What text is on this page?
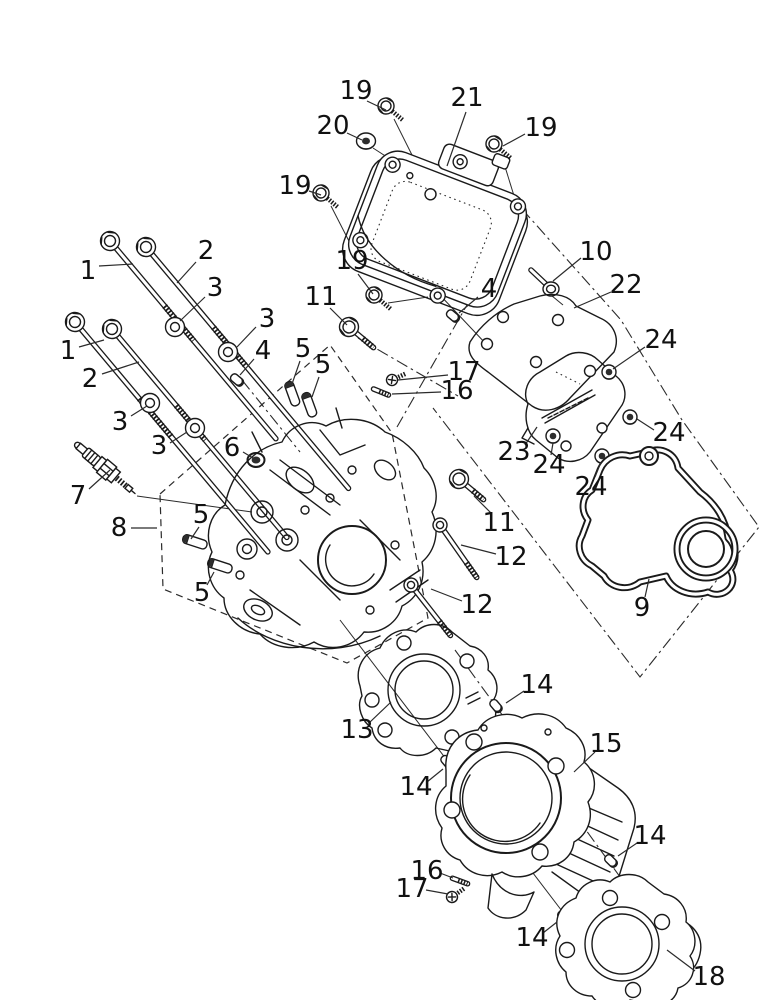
19	21
20	19
19
10
2	19
1	22
3	4
11
3
24
1	4 5
5	17
2	16
3	24
3 6	23 24
24
7
5	11
8
12
5	12	9
14
13	15
14
14
16
17
14
18
